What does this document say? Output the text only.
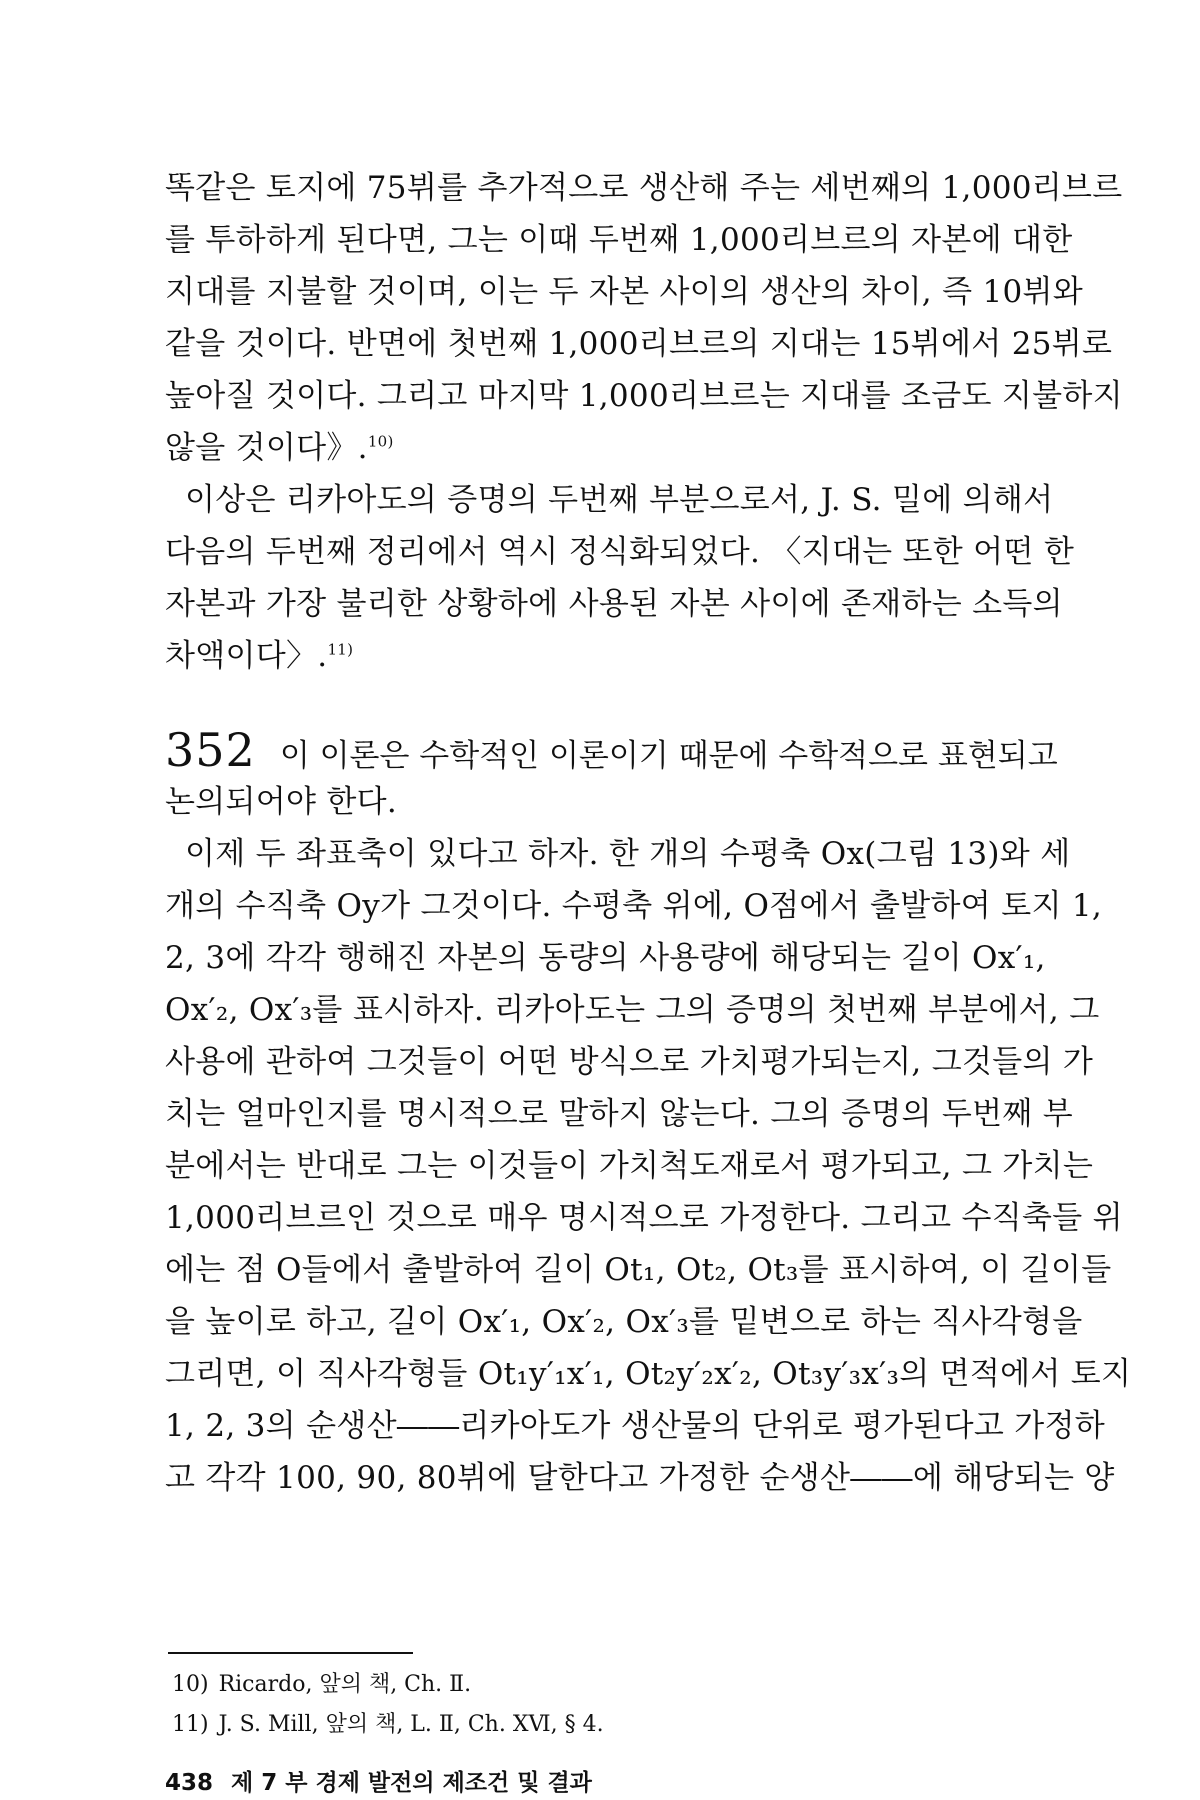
똑같은 토지에 75뷔를 추가적으로 생산해 주는 세번째의 1,000리브르
를 투하하게 된다면, 그는 이때 두번째 1,000리브르의 자본에 대한
지대를 지불할 것이며, 이는 두 자본 사이의 생산의 차이, 즉 10뷔와
같을 것이다. 반면에 첫번째 1,000리브르의 지대는 15뷔에서 25뷔로
높아질 것이다. 그리고 마지막 1,000리브르는 지대를 조금도 지불하지
않을 것이다》.$^{10)}$
이상은 리카아도의 증명의 두번째 부분으로서, J. S. 밀에 의해서
다음의 두번째 정리에서 역시 정식화되었다. 〈지대는 또한 어떤 한
자본과 가장 불리한 상황하에 사용된 자본 사이에 존재하는 소득의
차액이다〉.$^{11)}$
352 이 이론은 수학적인 이론이기 때문에 수학적으로 표현되고
논의되어야 한다.
이제 두 좌표축이 있다고 하자. 한 개의 수평축 Ox(그림 13)와 세
개의 수직축 Oy가 그것이다. 수평축 위에, O점에서 출발하여 토지 1,
2, 3에 각각 행해진 자본의 동량의 사용량에 해당되는 길이 Ox′₁,
Ox′₂, Ox′₃를 표시하자. 리카아도는 그의 증명의 첫번째 부분에서, 그
사용에 관하여 그것들이 어떤 방식으로 가치평가되는지, 그것들의 가
치는 얼마인지를 명시적으로 말하지 않는다. 그의 증명의 두번째 부
분에서는 반대로 그는 이것들이 가치척도재로서 평가되고, 그 가치는
1,000리브르인 것으로 매우 명시적으로 가정한다. 그리고 수직축들 위
에는 점 O들에서 출발하여 길이 Ot₁, Ot₂, Ot₃를 표시하여, 이 길이들
을 높이로 하고, 길이 Ox′₁, Ox′₂, Ox′₃를 밑변으로 하는 직사각형을
그리면, 이 직사각형들 Ot₁y′₁x′₁, Ot₂y′₂x′₂, Ot₃y′₃x′₃의 면적에서 토지
1, 2, 3의 순생산――리카아도가 생산물의 단위로 평가된다고 가정하
고 각각 100, 90, 80뷔에 달한다고 가정한 순생산――에 해당되는 양
10) Ricardo, 앞의 책, Ch. Ⅱ.
11) J. S. Mill, 앞의 책, L. Ⅱ, Ch. ⅩⅥ, § 4.
438 제 7 부 경제 발전의 제조건 및 결과
